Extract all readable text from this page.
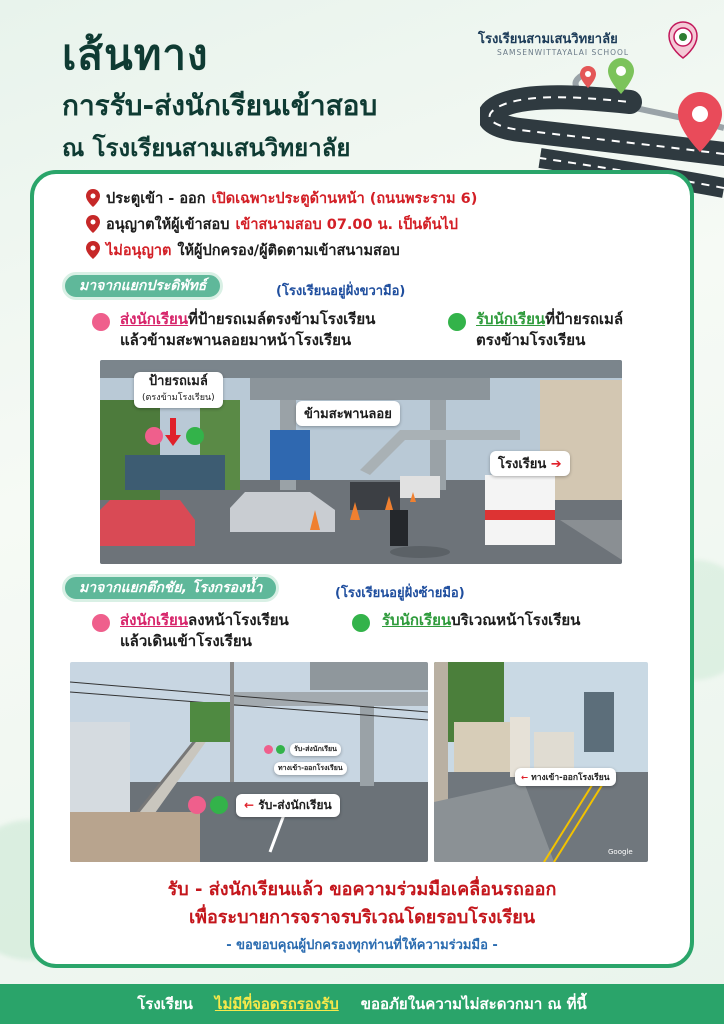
เส้นทาง
การรับ-ส่งนักเรียนเข้าสอบ
ณ โรงเรียนสามเสนวิทยาลัย
โรงเรียนสามเสนวิทยาลัย
SAMSENWITTAYALAI SCHOOL
ประตูเข้า - ออก เปิดเฉพาะประตูด้านหน้า (ถนนพระราม 6)
อนุญาตให้ผู้เข้าสอบ เข้าสนามสอบ 07.00 น. เป็นต้นไป
ไม่อนุญาต ให้ผู้ปกครอง/ผู้ติดตามเข้าสนามสอบ
มาจากแยกประดิพัทธ์	(โรงเรียนอยู่ฝั่งขวามือ)
ส่งนักเรียนที่ป้ายรถเมล์ตรงข้ามโรงเรียน
แล้วข้ามสะพานลอยมาหน้าโรงเรียน
รับนักเรียนที่ป้ายรถเมล์
ตรงข้ามโรงเรียน
ป้ายรถเมล์
(ตรงข้ามโรงเรียน)
ข้ามสะพานลอย
โรงเรียน ➔
มาจากแยกตึกชัย, โรงกรองน้ำ	(โรงเรียนอยู่ฝั่งซ้ายมือ)
ส่งนักเรียนลงหน้าโรงเรียน
แล้วเดินเข้าโรงเรียน
รับนักเรียนบริเวณหน้าโรงเรียน
รับ-ส่งนักเรียน
ทางเข้า-ออกโรงเรียน
← รับ-ส่งนักเรียน
← ทางเข้า-ออกโรงเรียน
Google
รับ - ส่งนักเรียนแล้ว ขอความร่วมมือเคลื่อนรถออก
เพื่อระบายการจราจรบริเวณโดยรอบโรงเรียน
- ขอขอบคุณผู้ปกครองทุกท่านที่ให้ความร่วมมือ -
โรงเรียน ไม่มีที่จอดรถรองรับ ขออภัยในความไม่สะดวกมา ณ ที่นี้
